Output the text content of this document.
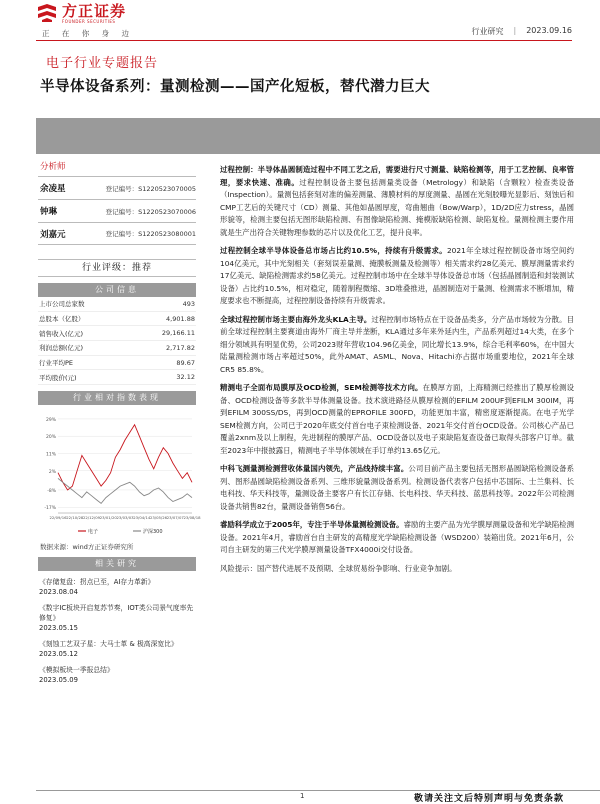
方正证券
FOUNDER SECURITIES
正 在 你 身 边	行业研究 | 2023.09.16
电子行业专题报告
半导体设备系列：量测检测——国产化短板，替代潜力巨大
分析师
余凌星	登记编号：S1220523070005
钟琳	登记编号：S1220523070006
刘嘉元	登记编号：S1220523080001
行业评级：推荐
公司信息
上市公司总家数	493
总股本（亿股）	4,901.88
销售收入(亿元)	29,166.11
利润总额(亿元)	2,717.82
行业平均PE	89.67
平均股价(元)	32.12
行业相对指数表现
29%
20%
11%
2%
-8%
-17%
22/09/16 22/10/28 22/12/09 23/01/20 23/03/03 23/04/14 23/05/26 23/07/07 23/08/18
电子	沪深300
数据来源：wind方正证券研究所
相关研究
《存储复盘：拐点已至，AI存力革新》
2023.08.04
《数字IC板块开启复苏节奏，IOT类公司景气度率先修复》
2023.05.15
《刻蚀工艺双子星：大马士革 & 极高深宽比》
2023.05.12
《模拟板块一季报总结》
2023.05.09

过程控制：半导体晶圆制造过程中不同工艺之后，需要进行尺寸测量、缺陷检测等，用于工艺控制、良率管理，要求快速、准确。过程控制设备主要包括测量类设备（Metrology）和缺陷（含颗粒）检查类设备（Inspection）。量测包括套刻对准的偏差测量、薄膜材料的厚度测量、晶圆在光刻胶曝光显影后、刻蚀后和CMP工艺后的关键尺寸（CD）测量、其他如晶圆厚度，弯曲翘曲（Bow/Warp），1D/2D应力stress，晶圆形貌等，检测主要包括无图形缺陷检测、有图像缺陷检测、掩模版缺陷检测、缺陷复检。量测检测主要作用就是生产出符合关键物理参数的芯片以及优化工艺，提升良率。

过程控制全球半导体设备总市场占比约10.5%，持续有升级需求。2021年全球过程控制设备市场空间约104亿美元，其中光刻相关（套刻误差量测、掩膜板测量及检测等）相关需求约28亿美元、膜厚测量需求约17亿美元、缺陷检测需求约58亿美元。过程控制市场中在全球半导体设备总市场（包括晶圆制造和封装测试设备）占比约10.5%，相对稳定，随着制程微缩、3D堆叠推进，晶圆制造对于量测、检测需求不断增加，精度要求也不断提高，过程控制设备持续有升级需求。

全球过程控制市场主要由海外龙头KLA主导。过程控制市场特点在于设备品类多，分产品市场较为分散。目前全球过程控制主要赛道由海外厂商主导并垄断，KLA通过多年来外延内生，产品系列超过14大类，在多个细分领域具有明显优势，公司2023财年营收104.96亿美金，同比增长13.9%，综合毛利率60%，在中国大陆量测检测市场占率超过50%，此外AMAT、ASML、Nova、Hitachi亦占据市场重要地位，2021年全球CR5 85.8%。

精测电子全面布局膜厚及OCD检测，SEM检测等技术方向。在膜厚方面，上海精测已经推出了膜厚检测设备、OCD检测设备等多款半导体测量设备。技术演进路径从膜厚检测的EFILM 200UF到EFILM 300IM，再到EFILM 300SS/DS，再到OCD测量的EPROFILE 300FD，功能更加丰富，精密度逐渐提高。在电子光学SEM检测方向，公司已于2020年底交付首台电子束检测设备、2021年交付首台OCD设备。公司核心产品已覆盖2xnm及以上制程，先进制程的膜厚产品、OCD设备以及电子束缺陷复查设备已取得头部客户订单。截至2023年中报披露日，精测电子半导体领域在手订单约13.65亿元。

中科飞测量测检测营收体量国内领先，产品线持续丰富。公司目前产品主要包括无图形晶圆缺陷检测设备系列、图形晶圆缺陷检测设备系列、三维形貌量测设备系列。检测设备代表客户包括中芯国际、士兰集科、长电科技、华天科技等，量测设备主要客户有长江存储、长电科技、华天科技、蓝思科技等。2022年公司检测设备共销售82台，量测设备销售56台。

睿励科学成立于2005年，专注于半导体量测检测设备。睿励的主要产品为光学膜厚测量设备和光学缺陷检测设备。2021年4月，睿励首台自主研发的高精度光学缺陷检测设备（WSD200）装箱出货。2021年6月，公司自主研发的第三代光学膜厚测量设备TFX4000i交付设备。

风险提示：国产替代进展不及预期、全球贸易纷争影响、行业竞争加剧。

1	敬请关注文后特别声明与免责条款
